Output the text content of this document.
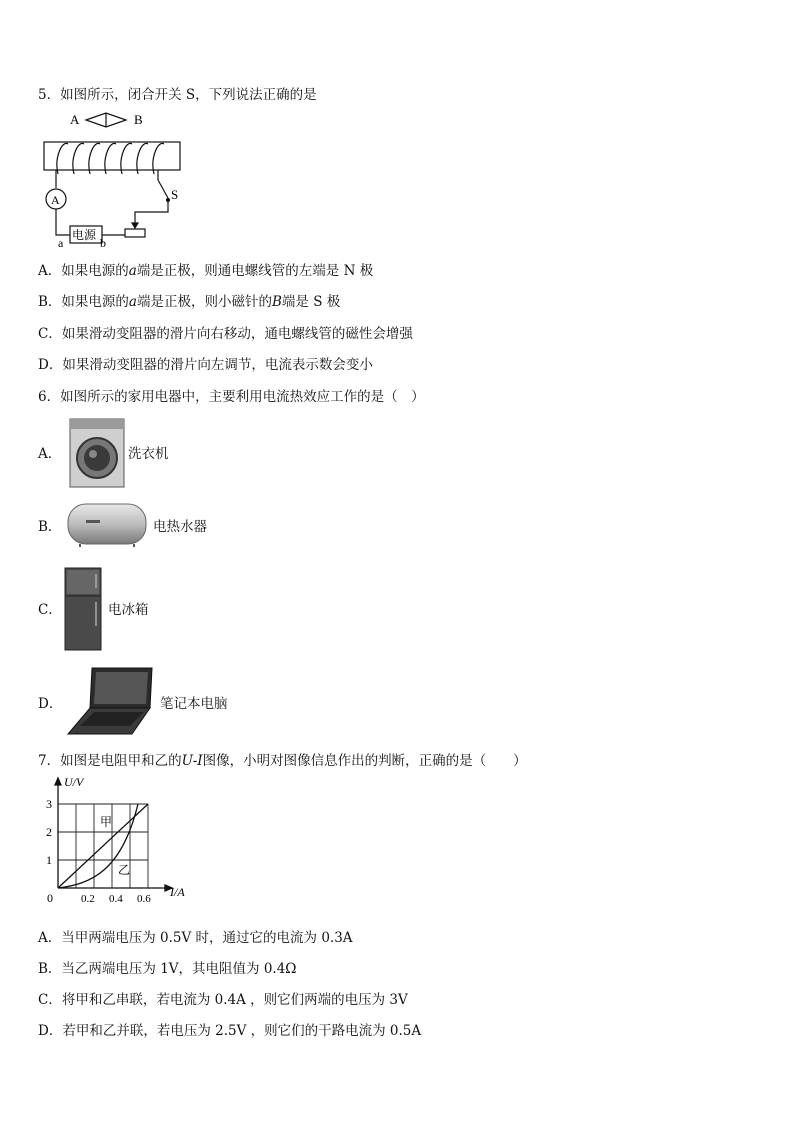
5．如图所示，闭合开关 S，下列说法正确的是
A	B
S
A
电源
a	b
A．如果电源的a端是正极，则通电螺线管的左端是 N 极
B．如果电源的a端是正极，则小磁针的B端是 S 极
C．如果滑动变阻器的滑片向右移动，通电螺线管的磁性会增强
D．如果滑动变阻器的滑片向左调节，电流表示数会变小
6．如图所示的家用电器中，主要利用电流热效应工作的是（　）
A．	洗衣机
B．	电热水器
C．	电冰箱
D．	笔记本电脑
7．如图是电阻甲和乙的U-I图像，小明对图像信息作出的判断，正确的是（　　）
U/V
I/A
1
2
3
0	0.2 0.4 0.6
甲
乙
A．当甲两端电压为 0.5V 时，通过它的电流为 0.3A
B．当乙两端电压为 1V，其电阻值为 0.4Ω
C．将甲和乙串联，若电流为 0.4A ，则它们两端的电压为 3V
D．若甲和乙并联，若电压为 2.5V ，则它们的干路电流为 0.5A
